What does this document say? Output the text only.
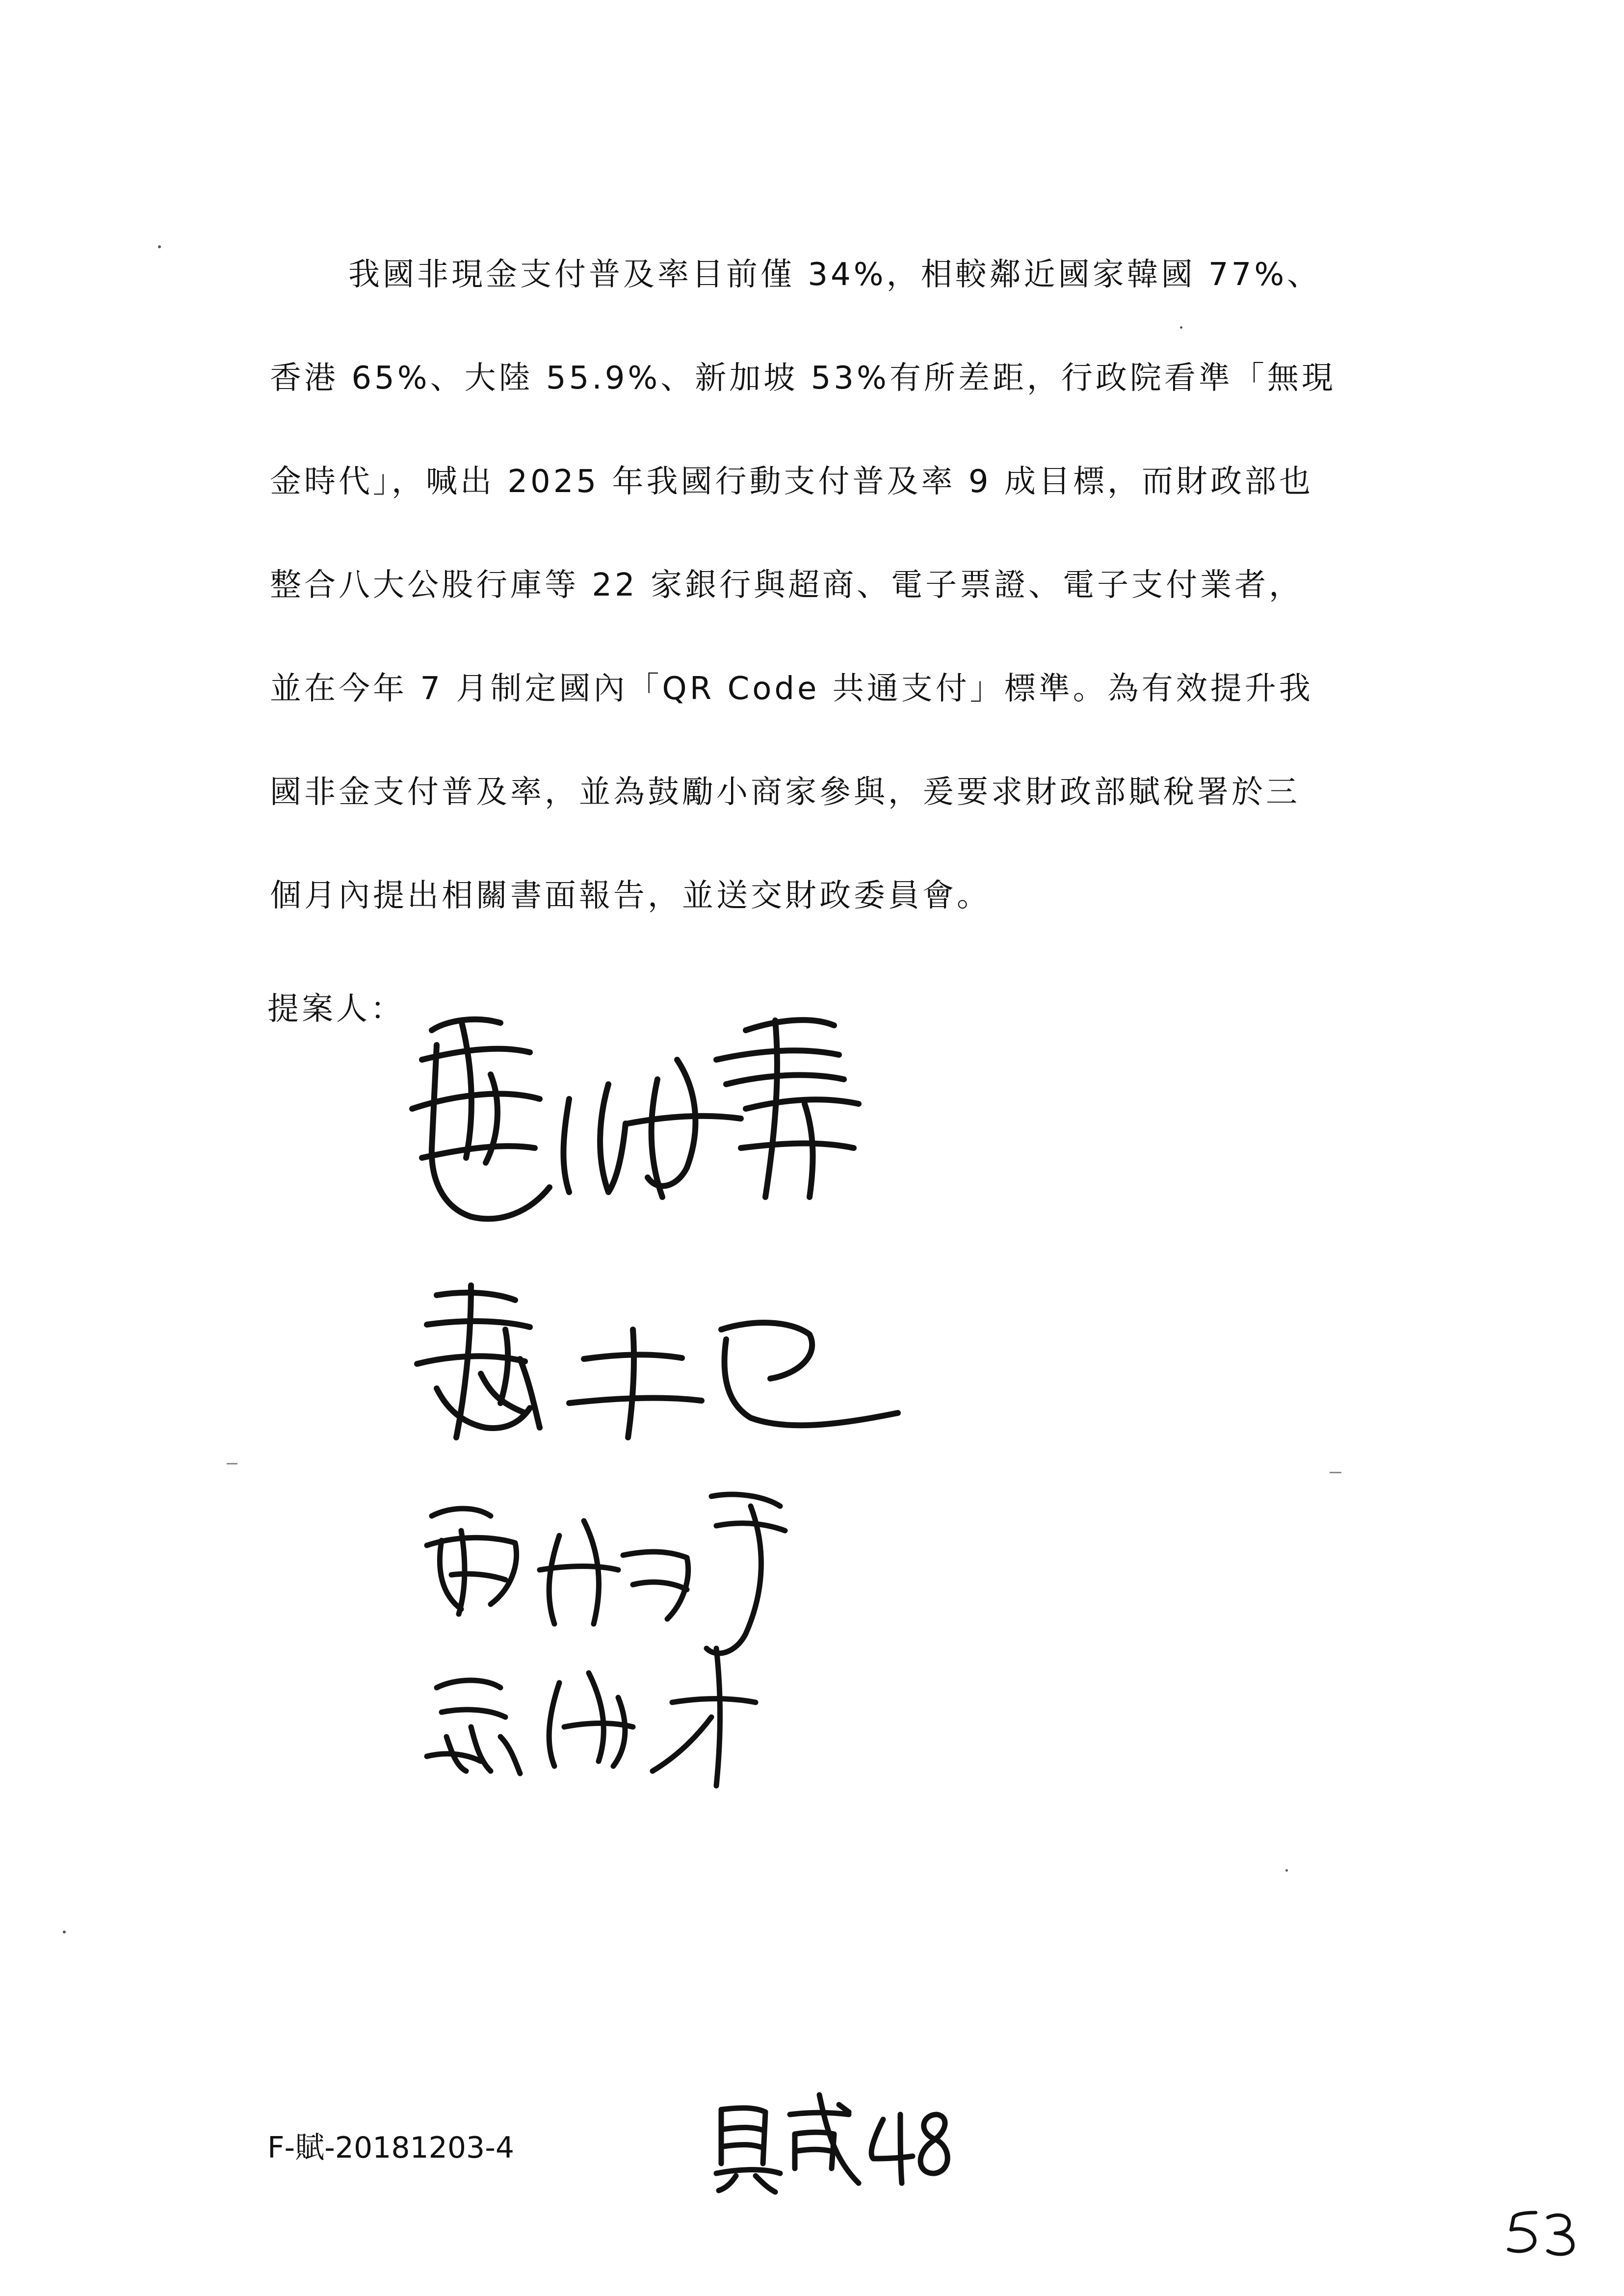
我國非現金支付普及率目前僅 34%，相較鄰近國家韓國 77%、
香港 65%、大陸 55.9%、新加坡 53%有所差距，行政院看準「無現
金時代」，喊出 2025 年我國行動支付普及率 9 成目標，而財政部也
整合八大公股行庫等 22 家銀行與超商、電子票證、電子支付業者，
並在今年 7 月制定國內「QR Code 共通支付」標準。為有效提升我
國非金支付普及率，並為鼓勵小商家參與，爰要求財政部賦稅署於三
個月內提出相關書面報告，並送交財政委員會。
提案人：
F-賦-20181203-4
